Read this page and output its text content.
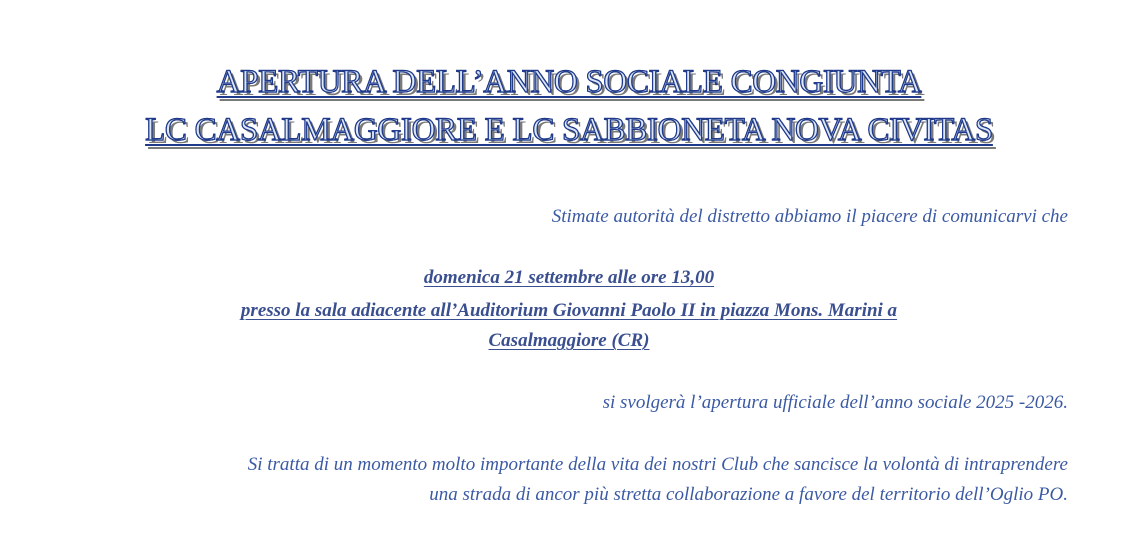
APERTURA DELL’ANNO SOCIALE CONGIUNTA
LC CASALMAGGIORE E LC SABBIONETA NOVA CIVITAS
Stimate autorità del distretto abbiamo il piacere di comunicarvi che
domenica 21 settembre alle ore 13,00
presso la sala adiacente all’Auditorium Giovanni Paolo II in piazza Mons. Marini a
Casalmaggiore (CR)
si svolgerà l’apertura ufficiale dell’anno sociale 2025 -2026.
Si tratta di un momento molto importante della vita dei nostri Club che sancisce la volontà di intraprendere
una strada di ancor più stretta collaborazione a favore del territorio dell’Oglio PO.
